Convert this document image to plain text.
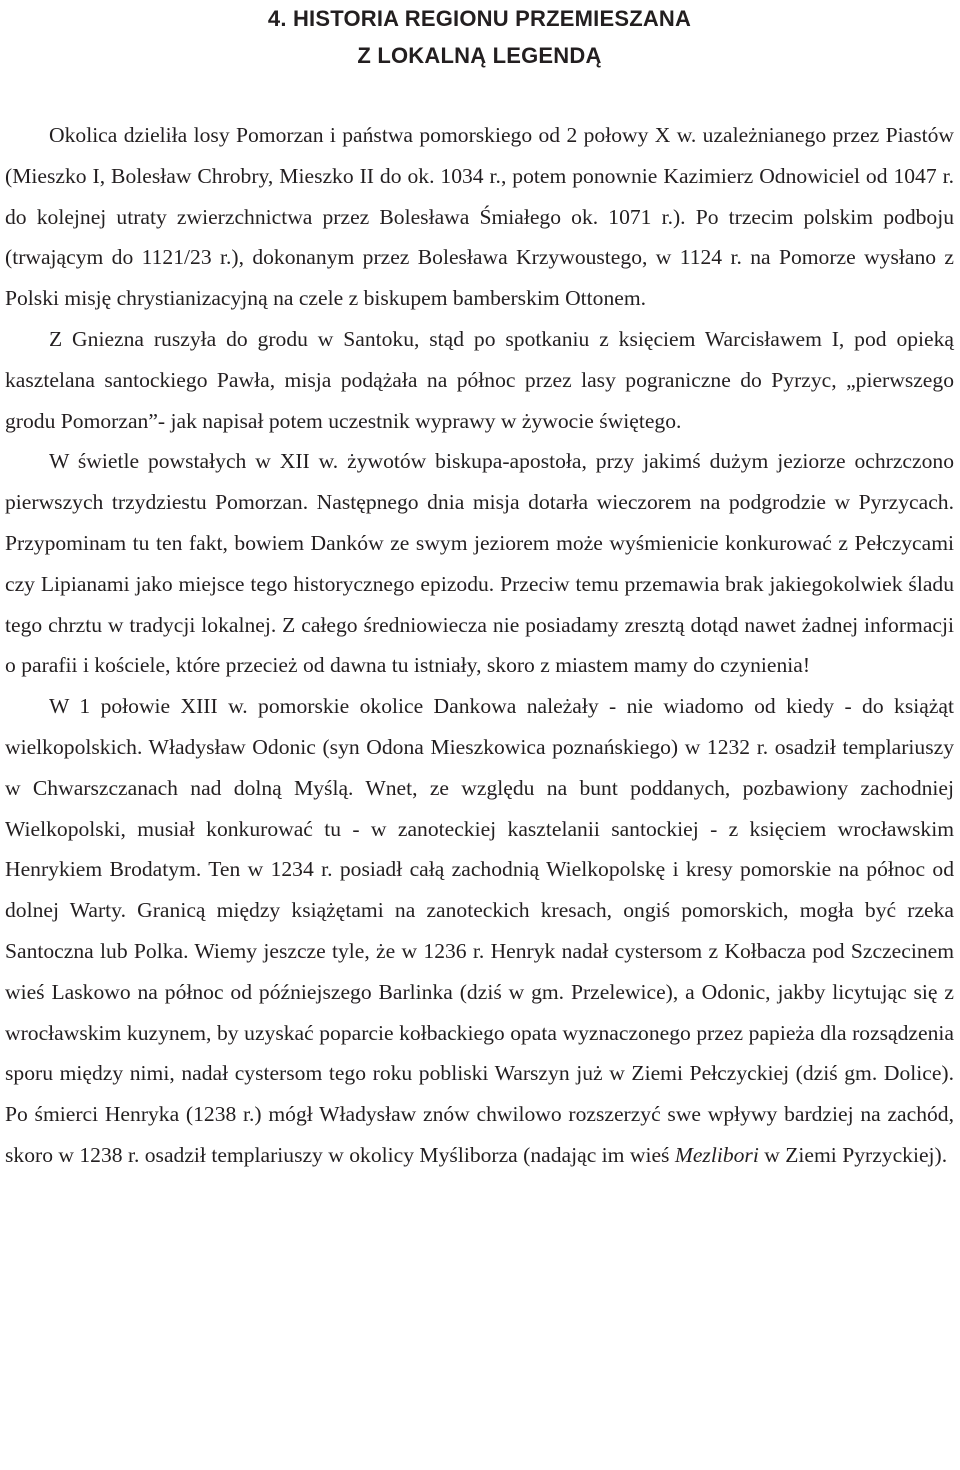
4. HISTORIA REGIONU PRZEMIESZANA
Z LOKALNĄ LEGENDĄ

Okolica dzieliła losy Pomorzan i państwa pomorskiego od 2 połowy X w. uzależnianego przez Piastów (Mieszko I, Bolesław Chrobry, Mieszko II do ok. 1034 r., potem ponownie Kazimierz Odnowiciel od 1047 r. do kolejnej utraty zwierzchnictwa przez Bolesława Śmiałego ok. 1071 r.). Po trzecim polskim podboju (trwającym do 1121/23 r.), dokonanym przez Bolesława Krzywoustego, w 1124 r. na Pomorze wysłano z Polski misję chrystianizacyjną na czele z biskupem bamberskim Ottonem.

Z Gniezna ruszyła do grodu w Santoku, stąd po spotkaniu z księciem Warcisławem I, pod opieką kasztelana santockiego Pawła, misja podążała na północ przez lasy pograniczne do Pyrzyc, „pierwszego grodu Pomorzan”- jak napisał potem uczestnik wyprawy w żywocie świętego.

W świetle powstałych w XII w. żywotów biskupa-apostoła, przy jakimś dużym jeziorze ochrzczono pierwszych trzydziestu Pomorzan. Następnego dnia misja dotarła wieczorem na podgrodzie w Pyrzycach. Przypominam tu ten fakt, bowiem Danków ze swym jeziorem może wyśmienicie konkurować z Pełczycami czy Lipianami jako miejsce tego historycznego epizodu. Przeciw temu przemawia brak jakiegokolwiek śladu tego chrztu w tradycji lokalnej. Z całego średniowiecza nie posiadamy zresztą dotąd nawet żadnej informacji o parafii i kościele, które przecież od dawna tu istniały, skoro z miastem mamy do czynienia!

W 1 połowie XIII w. pomorskie okolice Dankowa należały - nie wiadomo od kiedy - do książąt wielkopolskich. Władysław Odonic (syn Odona Mieszkowica poznańskiego) w 1232 r. osadził templariuszy w Chwarszczanach nad dolną Myślą. Wnet, ze względu na bunt poddanych, pozbawiony zachodniej Wielkopolski, musiał konkurować tu - w zanoteckiej kasztelanii santockiej - z księciem wrocławskim Henrykiem Brodatym. Ten w 1234 r. posiadł całą zachodnią Wielkopolskę i kresy pomorskie na północ od dolnej Warty. Granicą między książętami na zanoteckich kresach, ongiś pomorskich, mogła być rzeka Santoczna lub Polka. Wiemy jeszcze tyle, że w 1236 r. Henryk nadał cystersom z Kołbacza pod Szczecinem wieś Laskowo na północ od późniejszego Barlinka (dziś w gm. Przelewice), a Odonic, jakby licytując się z wrocławskim kuzynem, by uzyskać poparcie kołbackiego opata wyznaczonego przez papieża dla rozsądzenia sporu między nimi, nadał cystersom tego roku pobliski Warszyn już w Ziemi Pełczyckiej (dziś gm. Dolice). Po śmierci Henryka (1238 r.) mógł Władysław znów chwilowo rozszerzyć swe wpływy bardziej na zachód, skoro w 1238 r. osadził templariuszy w okolicy Myśliborza (nadając im wieś Mezlibori w Ziemi Pyrzyckiej).
